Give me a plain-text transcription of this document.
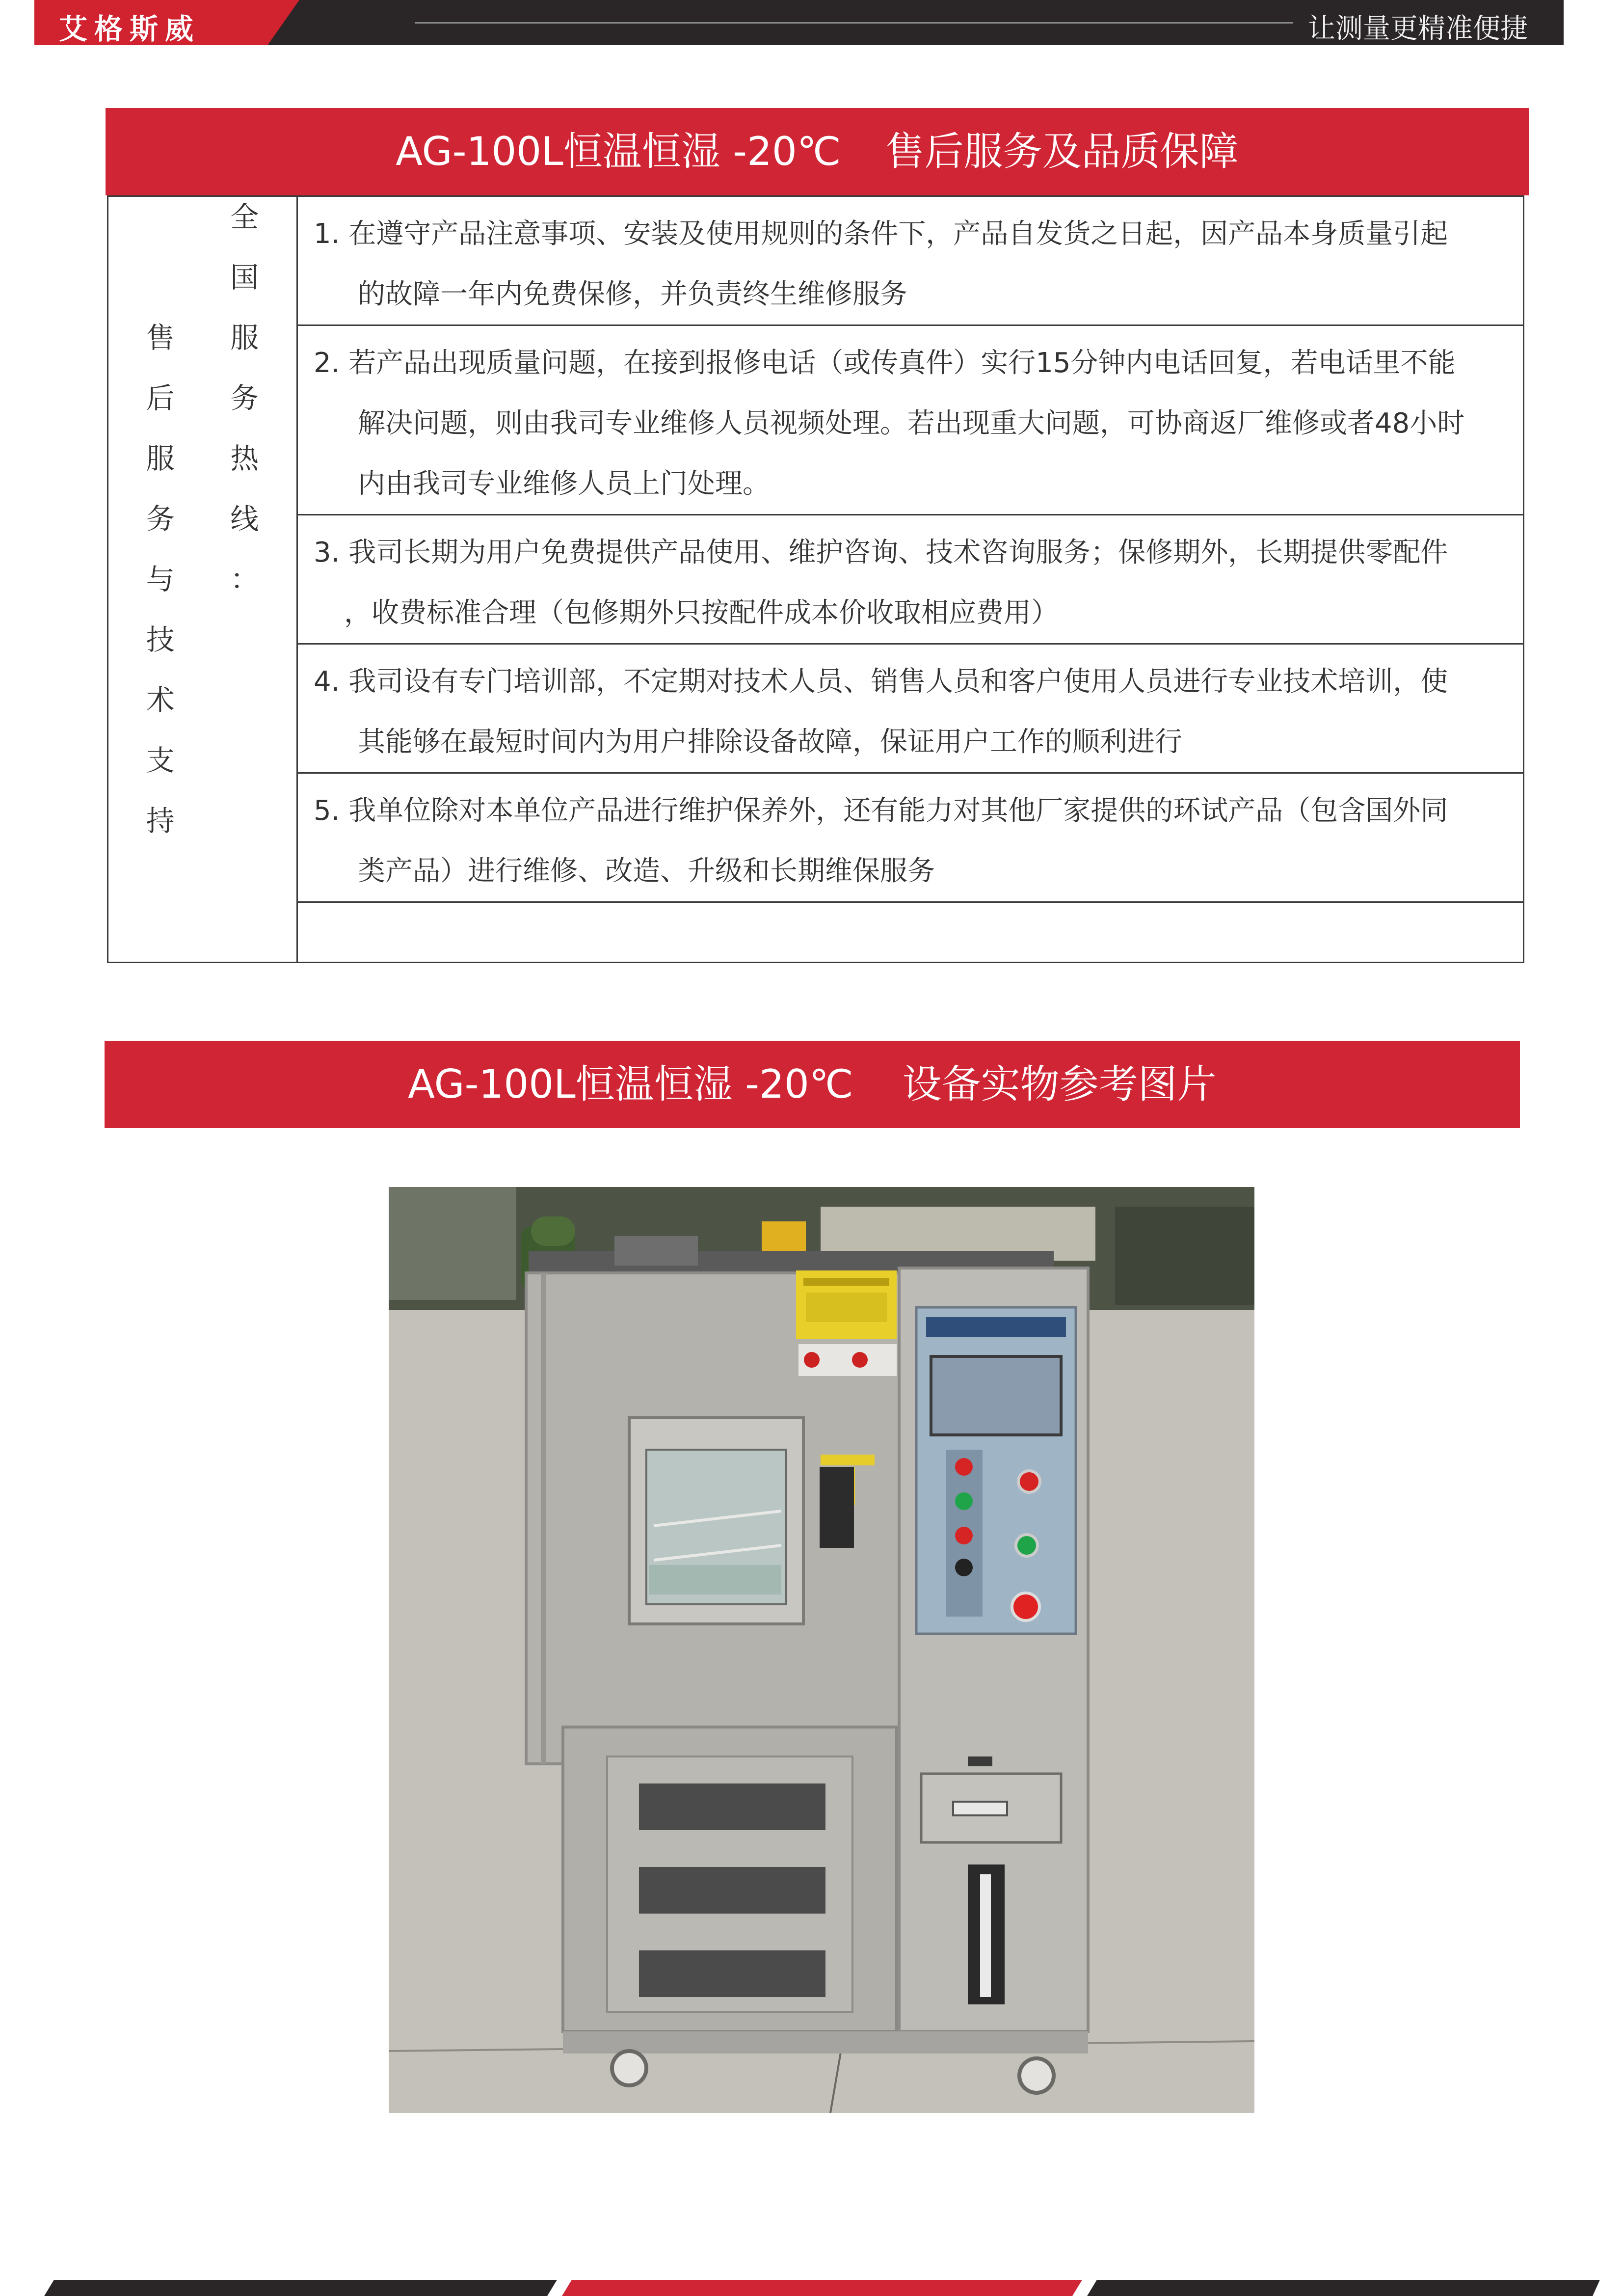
艾格斯威	让测量更精准便捷
AG-100L恒温恒湿 -20℃ 售后服务及品质保障
售
后
服
务
与
技
术
支
持
全
国
服
务
热
线
：

1. 在遵守产品注意事项、安装及使用规则的条件下，产品自发货之日起，因产品本身质量引起
的故障一年内免费保修，并负责终生维修服务

2. 若产品出现质量问题，在接到报修电话（或传真件）实行15分钟内电话回复，若电话里不能
解决问题，则由我司专业维修人员视频处理。若出现重大问题，可协商返厂维修或者48小时
内由我司专业维修人员上门处理。

3. 我司长期为用户免费提供产品使用、维护咨询、技术咨询服务；保修期外，长期提供零配件
，收费标准合理（包修期外只按配件成本价收取相应费用）

4. 我司设有专门培训部，不定期对技术人员、销售人员和客户使用人员进行专业技术培训，使
其能够在最短时间内为用户排除设备故障，保证用户工作的顺利进行

5. 我单位除对本单位产品进行维护保养外，还有能力对其他厂家提供的环试产品（包含国外同
类产品）进行维修、改造、升级和长期维保服务

AG-100L恒温恒湿 -20℃ 设备实物参考图片
